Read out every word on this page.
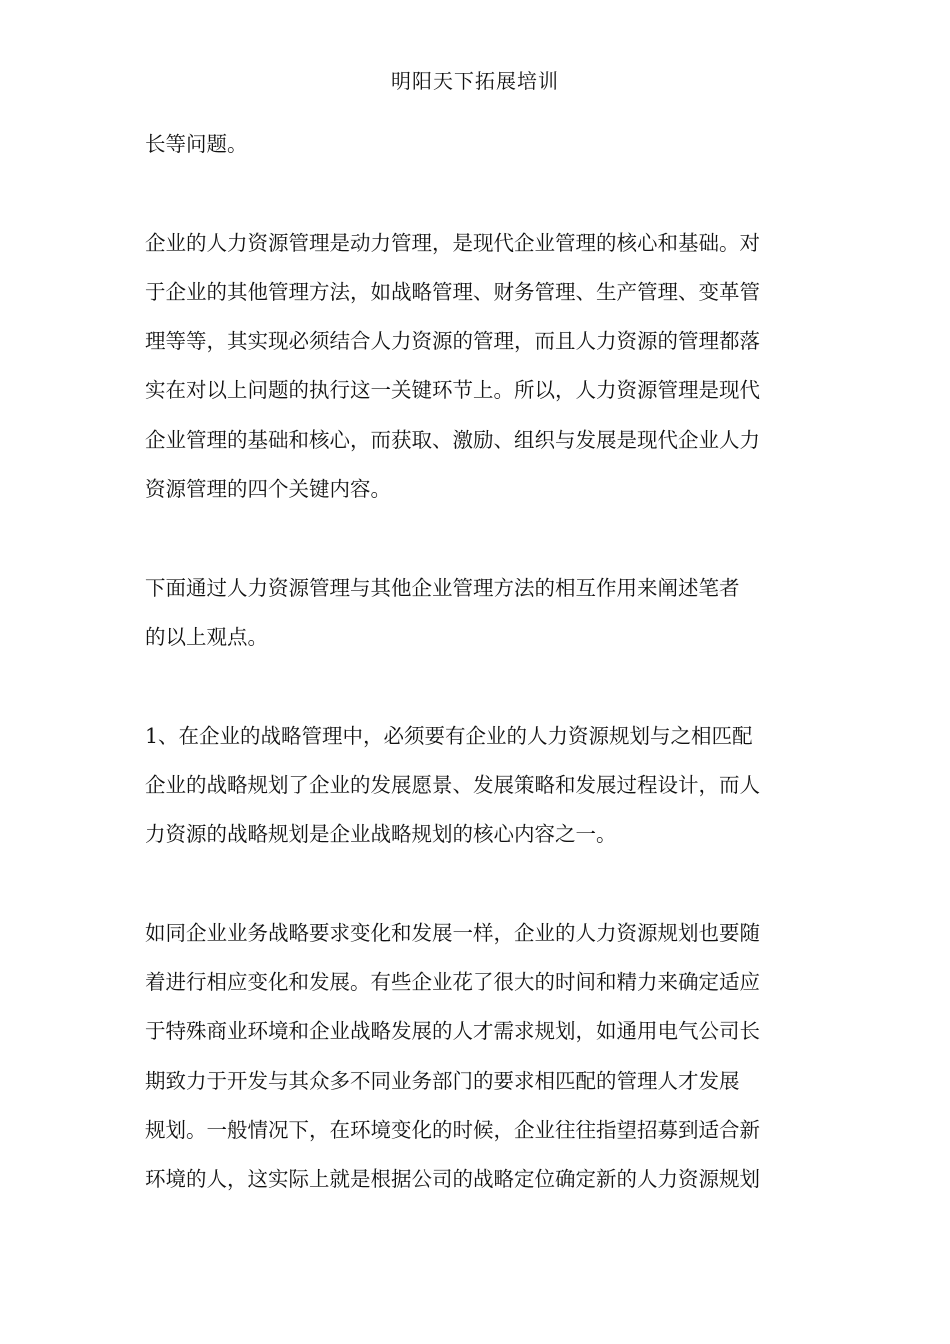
明阳天下拓展培训
长等问题。
企业的人力资源管理是动力管理，是现代企业管理的核心和基础。对
于企业的其他管理方法，如战略管理、财务管理、生产管理、变革管
理等等，其实现必须结合人力资源的管理，而且人力资源的管理都落
实在对以上问题的执行这一关键环节上。所以，人力资源管理是现代
企业管理的基础和核心，而获取、激励、组织与发展是现代企业人力
资源管理的四个关键内容。
下面通过人力资源管理与其他企业管理方法的相互作用来阐述笔者
的以上观点。
1、在企业的战略管理中，必须要有企业的人力资源规划与之相匹配
企业的战略规划了企业的发展愿景、发展策略和发展过程设计，而人
力资源的战略规划是企业战略规划的核心内容之一。
如同企业业务战略要求变化和发展一样，企业的人力资源规划也要随
着进行相应变化和发展。有些企业花了很大的时间和精力来确定适应
于特殊商业环境和企业战略发展的人才需求规划，如通用电气公司长
期致力于开发与其众多不同业务部门的要求相匹配的管理人才发展
规划。一般情况下，在环境变化的时候，企业往往指望招募到适合新
环境的人，这实际上就是根据公司的战略定位确定新的人力资源规划
